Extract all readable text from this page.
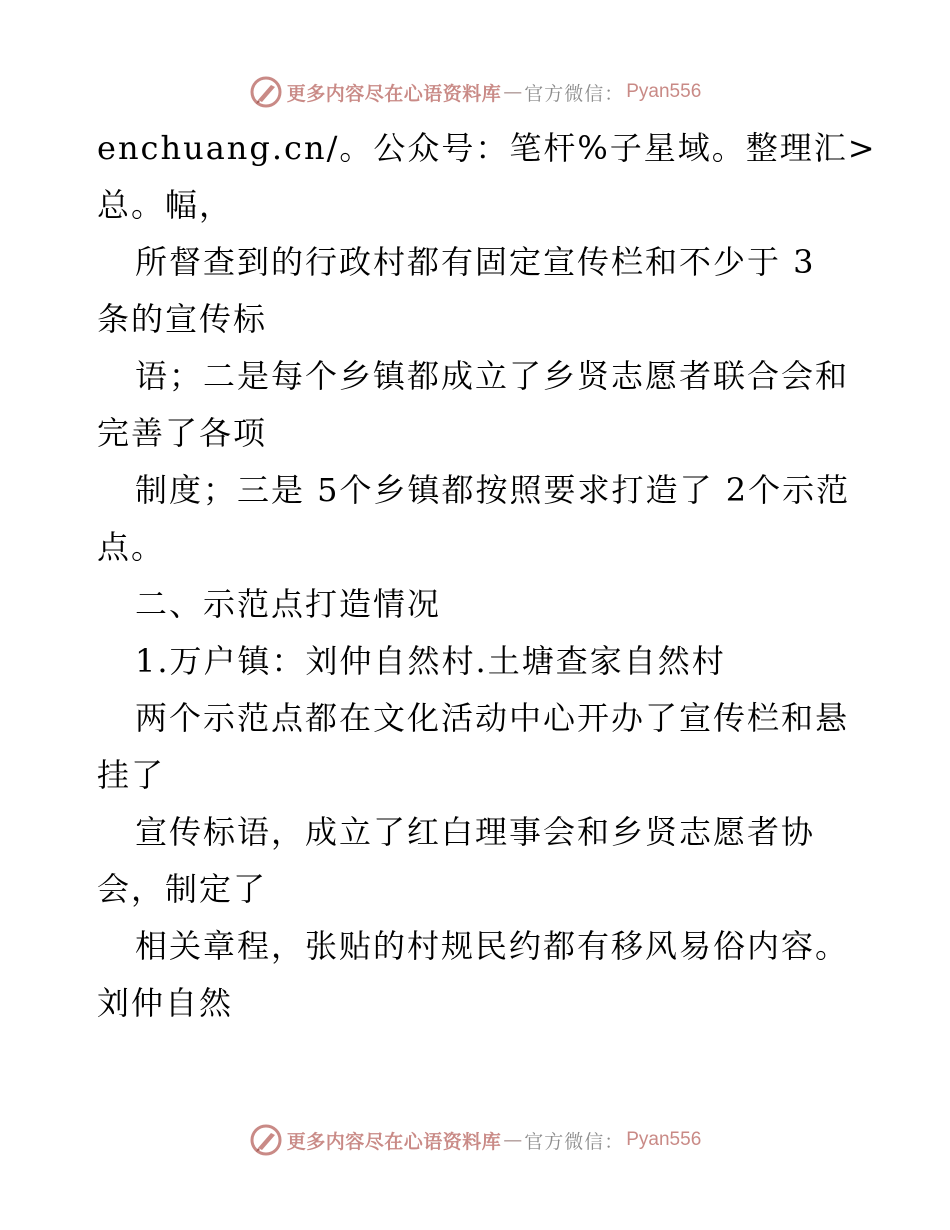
更多内容尽在心语资料库 — 官方微信： Pyan556
enchuang.cn/。公众号：笔杆%子星域。整理汇>
总。幅，
所督查到的行政村都有固定宣传栏和不少于 3
条的宣传标
语；二是每个乡镇都成立了乡贤志愿者联合会和
完善了各项
制度；三是 5个乡镇都按照要求打造了 2个示范
点。
二、示范点打造情况
1.万户镇：刘仲自然村.土塘查家自然村
两个示范点都在文化活动中心开办了宣传栏和悬
挂了
宣传标语，成立了红白理事会和乡贤志愿者协
会，制定了
相关章程，张贴的村规民约都有移风易俗内容。
刘仲自然
更多内容尽在心语资料库 — 官方微信： Pyan556
